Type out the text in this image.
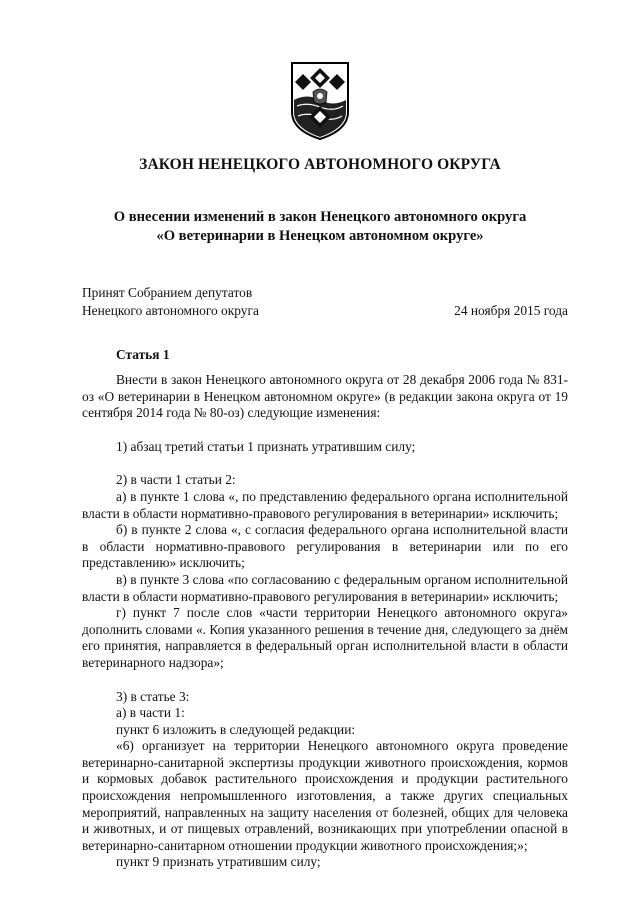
ЗАКОН НЕНЕЦКОГО АВТОНОМНОГО ОКРУГА
О внесении изменений в закон Ненецкого автономного округа
«О ветеринарии в Ненецком автономном округе»
Принят Собранием депутатов
Ненецкого автономного округа	24 ноября 2015 года
Статья 1

Внести в закон Ненецкого автономного округа от 28 декабря 2006 года № 831-оз «О ветеринарии в Ненецком автономном округе» (в редакции закона округа от 19 сентября 2014 года № 80-оз) следующие изменения:

1) абзац третий статьи 1 признать утратившим силу;

2) в части 1 статьи 2:

а) в пункте 1 слова «, по представлению федерального органа исполнительной власти в области нормативно-правового регулирования в ветеринарии» исключить;

б) в пункте 2 слова «, с согласия федерального органа исполнительной власти в области нормативно-правового регулирования в ветеринарии или по его представлению» исключить;

в) в пункте 3 слова «по согласованию с федеральным органом исполнительной власти в области нормативно-правового регулирования в ветеринарии» исключить;

г) пункт 7 после слов «части территории Ненецкого автономного округа» дополнить словами «. Копия указанного решения в течение дня, следующего за днём его принятия, направляется в федеральный орган исполнительной власти в области ветеринарного надзора»;

3) в статье 3:

а) в части 1:

пункт 6 изложить в следующей редакции:

«6) организует на территории Ненецкого автономного округа проведение ветеринарно-санитарной экспертизы продукции животного происхождения, кормов и кормовых добавок растительного происхождения и продукции растительного происхождения непромышленного изготовления, а также других специальных мероприятий, направленных на защиту населения от болезней, общих для человека и животных, и от пищевых отравлений, возникающих при употреблении опасной в ветеринарно-санитарном отношении продукции животного происхождения;»;

пункт 9 признать утратившим силу;
